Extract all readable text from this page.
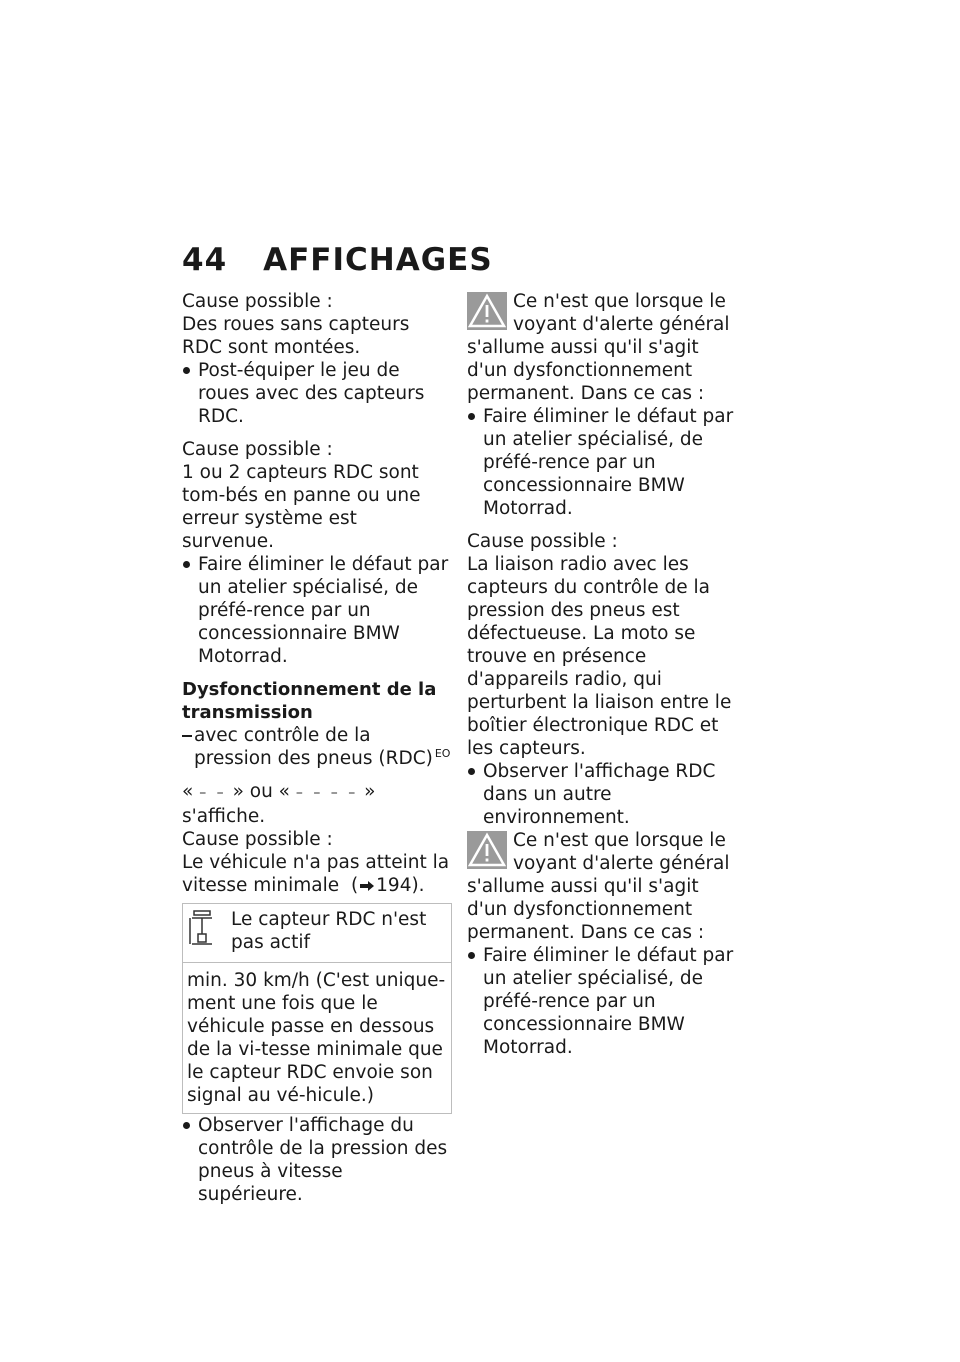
44 AFFICHAGES

Cause possible :

Des roues sans capteurs RDC sont montées.

Post-équiper le jeu de roues avec des capteurs RDC.

Cause possible :

1 ou 2 capteurs RDC sont tom-bés en panne ou une erreur système est survenue.

Faire éliminer le défaut par un atelier spécialisé, de préfé-rence par un concessionnaire BMW Motorrad.

Dysfonctionnement de la transmission

avec contrôle de la pression des pneus (RDC) $^{EO}$

« – – » ou « – – – – » s'affiche.

Cause possible :

Le véhicule n'a pas atteint la vitesse minimale ( 194).

Le capteur RDC n'est pas actif
min. 30 km/h (C'est unique-ment une fois que le véhicule passe en dessous de la vi-tesse minimale que le capteur RDC envoie son signal au vé-hicule.)

Observer l'affichage du contrôle de la pression des pneus à vitesse supérieure.

Ce n'est que lorsque le voyant d'alerte général s'allume aussi qu'il s'agit d'un dysfonctionnement permanent. Dans ce cas :

Faire éliminer le défaut par un atelier spécialisé, de préfé-rence par un concessionnaire BMW Motorrad.

Cause possible :

La liaison radio avec les capteurs du contrôle de la pression des pneus est défectueuse. La moto se trouve en présence d'appareils radio, qui perturbent la liaison entre le boîtier électronique RDC et les capteurs.

Observer l'affichage RDC dans un autre environnement.

Ce n'est que lorsque le voyant d'alerte général s'allume aussi qu'il s'agit d'un dysfonctionnement permanent. Dans ce cas :

Faire éliminer le défaut par un atelier spécialisé, de préfé-rence par un concessionnaire BMW Motorrad.
